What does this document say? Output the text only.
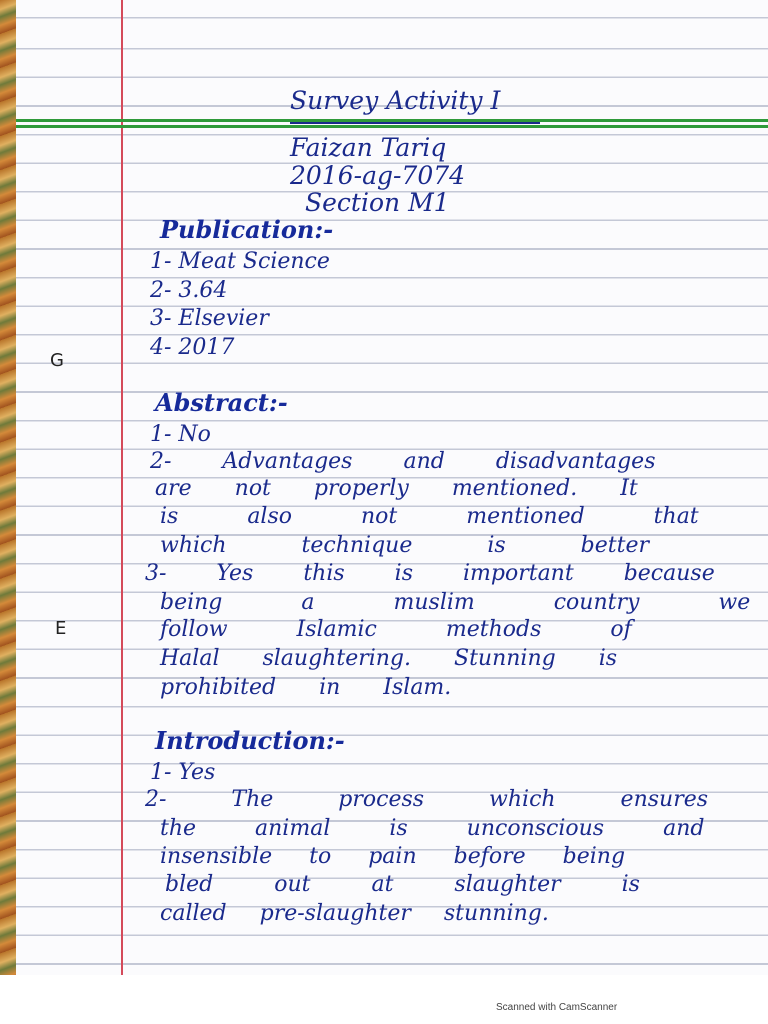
Survey Activity I

Faizan Tariq

2016-ag-7074

Section M1

Publication:-

1- Meat Science

2- 3.64

3- Elsevier

4- 2017

G

Abstract:-

1- No

2- Advantages and disadvantages

are not properly mentioned. It

is also not mentioned that

which technique is better

3- Yes this is important because

being a muslim country we

follow Islamic methods of

Halal slaughtering. Stunning is

prohibited in Islam.

E

Introduction:-

1- Yes

2- The process which ensures

the animal is unconscious and

insensible to pain before being

bled out at slaughter is

called pre-slaughter stunning.

Scanned with CamScanner
